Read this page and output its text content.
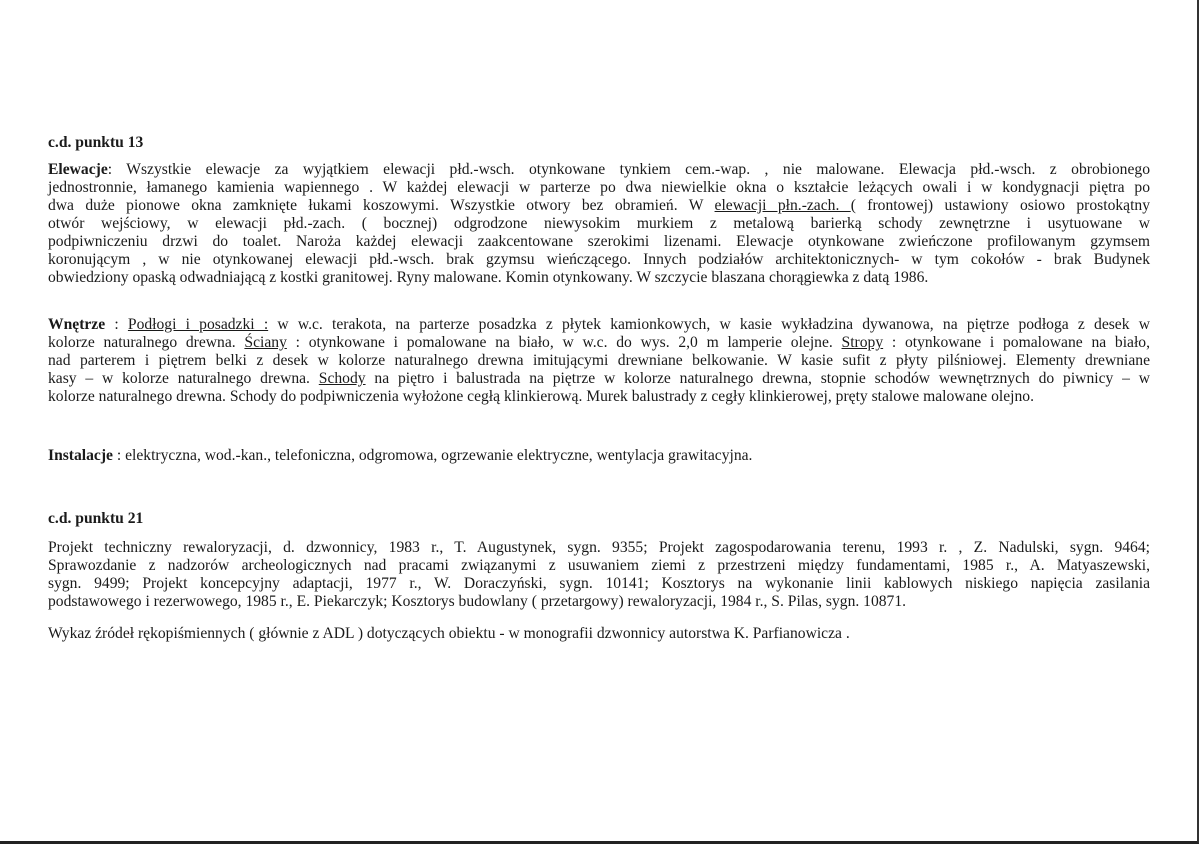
c.d. punktu 13
Elewacje: Wszystkie elewacje za wyjątkiem elewacji płd.-wsch. otynkowane tynkiem cem.-wap. , nie malowane. Elewacja płd.-wsch. z obrobionego
jednostronnie, łamanego kamienia wapiennego . W każdej elewacji w parterze po dwa niewielkie okna o kształcie leżących owali i w kondygnacji piętra po
dwa duże pionowe okna zamknięte łukami koszowymi. Wszystkie otwory bez obramień. W elewacji płn.-zach. ( frontowej) ustawiony osiowo prostokątny
otwór wejściowy, w elewacji płd.-zach. ( bocznej) odgrodzone niewysokim murkiem z metalową barierką schody zewnętrzne i usytuowane w
podpiwniczeniu drzwi do toalet. Naroża każdej elewacji zaakcentowane szerokimi lizenami. Elewacje otynkowane zwieńczone profilowanym gzymsem
koronującym , w nie otynkowanej elewacji płd.-wsch. brak gzymsu wieńczącego. Innych podziałów architektonicznych- w tym cokołów - brak Budynek
obwiedziony opaską odwadniającą z kostki granitowej. Ryny malowane. Komin otynkowany. W szczycie blaszana chorągiewka z datą 1986.
Wnętrze : Podłogi i posadzki : w w.c. terakota, na parterze posadzka z płytek kamionkowych, w kasie wykładzina dywanowa, na piętrze podłoga z desek w
kolorze naturalnego drewna. Ściany : otynkowane i pomalowane na biało, w w.c. do wys. 2,0 m lamperie olejne. Stropy : otynkowane i pomalowane na biało,
nad parterem i piętrem belki z desek w kolorze naturalnego drewna imitującymi drewniane belkowanie. W kasie sufit z płyty pilśniowej. Elementy drewniane
kasy – w kolorze naturalnego drewna. Schody na piętro i balustrada na piętrze w kolorze naturalnego drewna, stopnie schodów wewnętrznych do piwnicy – w
kolorze naturalnego drewna. Schody do podpiwniczenia wyłożone cegłą klinkierową. Murek balustrady z cegły klinkierowej, pręty stalowe malowane olejno.
Instalacje : elektryczna, wod.-kan., telefoniczna, odgromowa, ogrzewanie elektryczne, wentylacja grawitacyjna.
c.d. punktu 21
Projekt techniczny rewaloryzacji, d. dzwonnicy, 1983 r., T. Augustynek, sygn. 9355; Projekt zagospodarowania terenu, 1993 r. , Z. Nadulski, sygn. 9464;
Sprawozdanie z nadzorów archeologicznych nad pracami związanymi z usuwaniem ziemi z przestrzeni między fundamentami, 1985 r., A. Matyaszewski,
sygn. 9499; Projekt koncepcyjny adaptacji, 1977 r., W. Doraczyński, sygn. 10141; Kosztorys na wykonanie linii kablowych niskiego napięcia zasilania
podstawowego i rezerwowego, 1985 r., E. Piekarczyk; Kosztorys budowlany ( przetargowy) rewaloryzacji, 1984 r., S. Pilas, sygn. 10871.
Wykaz źródeł rękopiśmiennych ( głównie z ADL ) dotyczących obiektu - w monografii dzwonnicy autorstwa K. Parfianowicza .
